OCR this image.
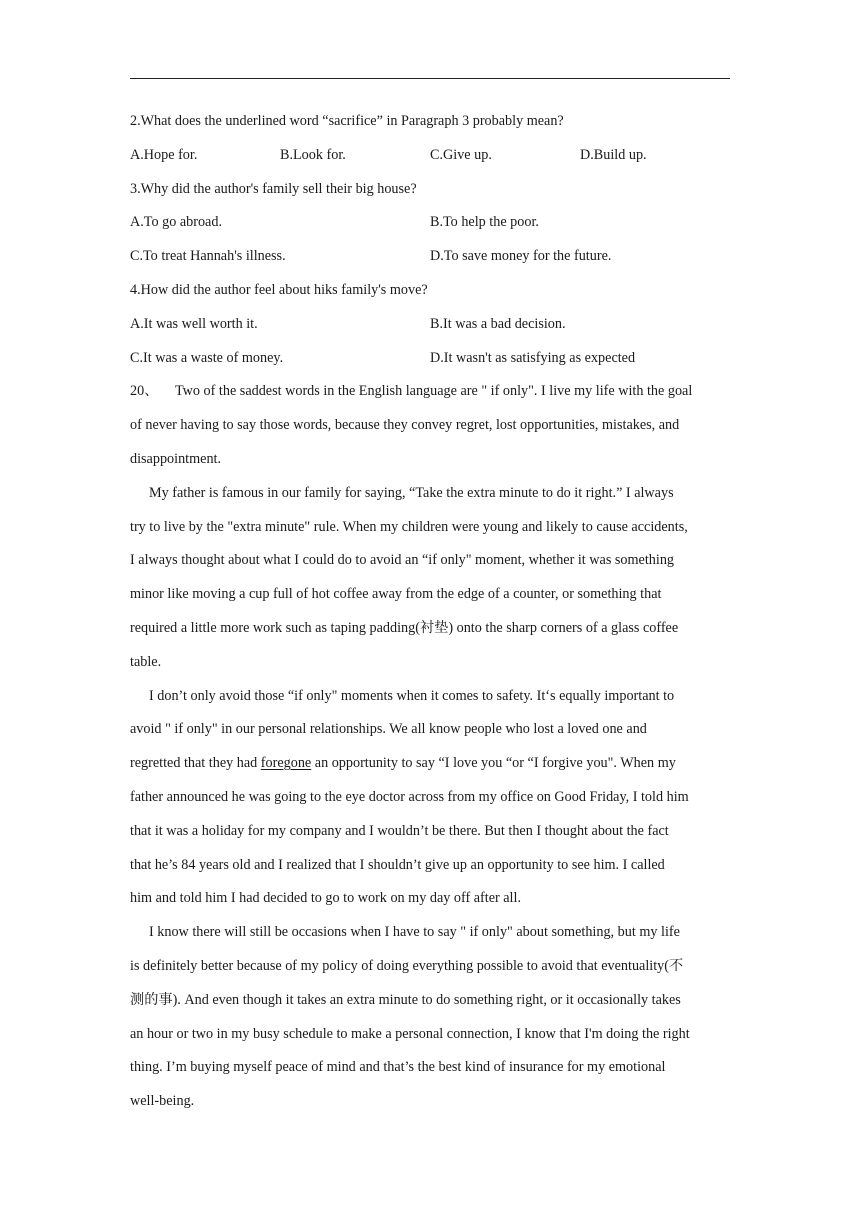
2.What does the underlined word “sacrifice” in Paragraph 3 probably mean?
A.Hope for.	B.Look for.	C.Give up.	D.Build up.
3.Why did the author's family sell their big house?
A.To go abroad.	B.To help the poor.
C.To treat Hannah's illness.	D.To save money for the future.
4.How did the author feel about hiks family's move?
A.It was well worth it.	B.It was a bad decision.
C.It was a waste of money.	D.It wasn't as satisfying as expected
20、 Two of the saddest words in the English language are " if only". I live my life with the goal
of never having to say those words, because they convey regret, lost opportunities, mistakes, and
disappointment.
My father is famous in our family for saying, “Take the extra minute to do it right.” I always
try to live by the "extra minute" rule. When my children were young and likely to cause accidents,
I always thought about what I could do to avoid an “if only" moment, whether it was something
minor like moving a cup full of hot coffee away from the edge of a counter, or something that
required a little more work such as taping padding(衬垫) onto the sharp corners of a glass coffee
table.
I don’t only avoid those “if only" moments when it comes to safety. It‘s equally important to
avoid " if only" in our personal relationships. We all know people who lost a loved one and
regretted that they had foregone an opportunity to say “I love you “or “I forgive you". When my
father announced he was going to the eye doctor across from my office on Good Friday, I told him
that it was a holiday for my company and I wouldn’t be there. But then I thought about the fact
that he’s 84 years old and I realized that I shouldn’t give up an opportunity to see him. I called
him and told him I had decided to go to work on my day off after all.
I know there will still be occasions when I have to say " if only" about something, but my life
is definitely better because of my policy of doing everything possible to avoid that eventuality(不
测的事). And even though it takes an extra minute to do something right, or it occasionally takes
an hour or two in my busy schedule to make a personal connection, I know that I'm doing the right
thing. I’m buying myself peace of mind and that’s the best kind of insurance for my emotional
well-being.
